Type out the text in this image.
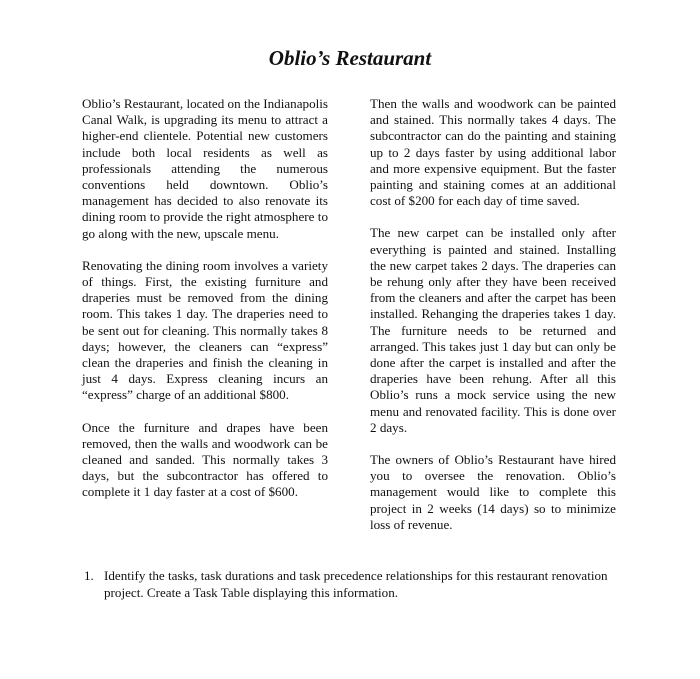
Oblio’s Restaurant

Oblio’s Restaurant, located on the Indianapolis Canal Walk, is upgrading its menu to attract a higher-end clientele. Potential new customers include both local residents as well as professionals attending the numerous conventions held downtown. Oblio’s management has decided to also renovate its dining room to provide the right atmosphere to go along with the new, upscale menu.

Renovating the dining room involves a variety of things. First, the existing furniture and draperies must be removed from the dining room. This takes 1 day. The draperies need to be sent out for cleaning. This normally takes 8 days; however, the cleaners can “express” clean the draperies and finish the cleaning in just 4 days. Express cleaning incurs an “express” charge of an additional $800.

Once the furniture and drapes have been removed, then the walls and woodwork can be cleaned and sanded. This normally takes 3 days, but the subcontractor has offered to complete it 1 day faster at a cost of $600.

Then the walls and woodwork can be painted and stained. This normally takes 4 days. The subcontractor can do the painting and staining up to 2 days faster by using additional labor and more expensive equipment. But the faster painting and staining comes at an additional cost of $200 for each day of time saved.

The new carpet can be installed only after everything is painted and stained. Installing the new carpet takes 2 days. The draperies can be rehung only after they have been received from the cleaners and after the carpet has been installed. Rehanging the draperies takes 1 day. The furniture needs to be returned and arranged. This takes just 1 day but can only be done after the carpet is installed and after the draperies have been rehung. After all this Oblio’s runs a mock service using the new menu and renovated facility. This is done over 2 days.

The owners of Oblio’s Restaurant have hired you to oversee the renovation. Oblio’s management would like to complete this project in 2 weeks (14 days) so to minimize loss of revenue.

1. Identify the tasks, task durations and task precedence relationships for this restaurant renovation project. Create a Task Table displaying this information.
